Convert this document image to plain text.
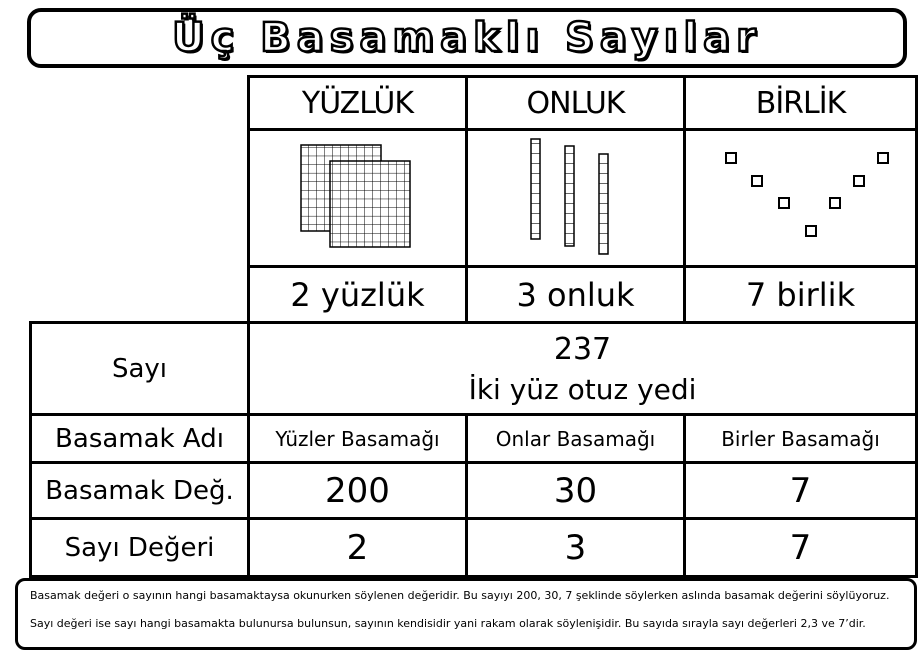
Üç Basamaklı Sayılar
	YÜZLÜK	ONLUK	BİRLİK

	2 yüzlük	3 onluk	7 birlik
Sayı	237
İki yüz otuz yedi		

Basamak Adı	Yüzler Basamağı	Onlar Basamağı	Birler Basamağı
Basamak Değ.	200	30	7
Sayı Değeri	2	3	7

Basamak değeri o sayının hangi basamaktaysa okunurken söylenen değeridir. Bu sayıyı 200, 30, 7 şeklinde söylerken aslında basamak değerini söylüyoruz.

Sayı değeri ise sayı hangi basamakta bulunursa bulunsun, sayının kendisidir yani rakam olarak söylenişidir. Bu sayıda sırayla sayı değerleri 2,3 ve 7’dir.
